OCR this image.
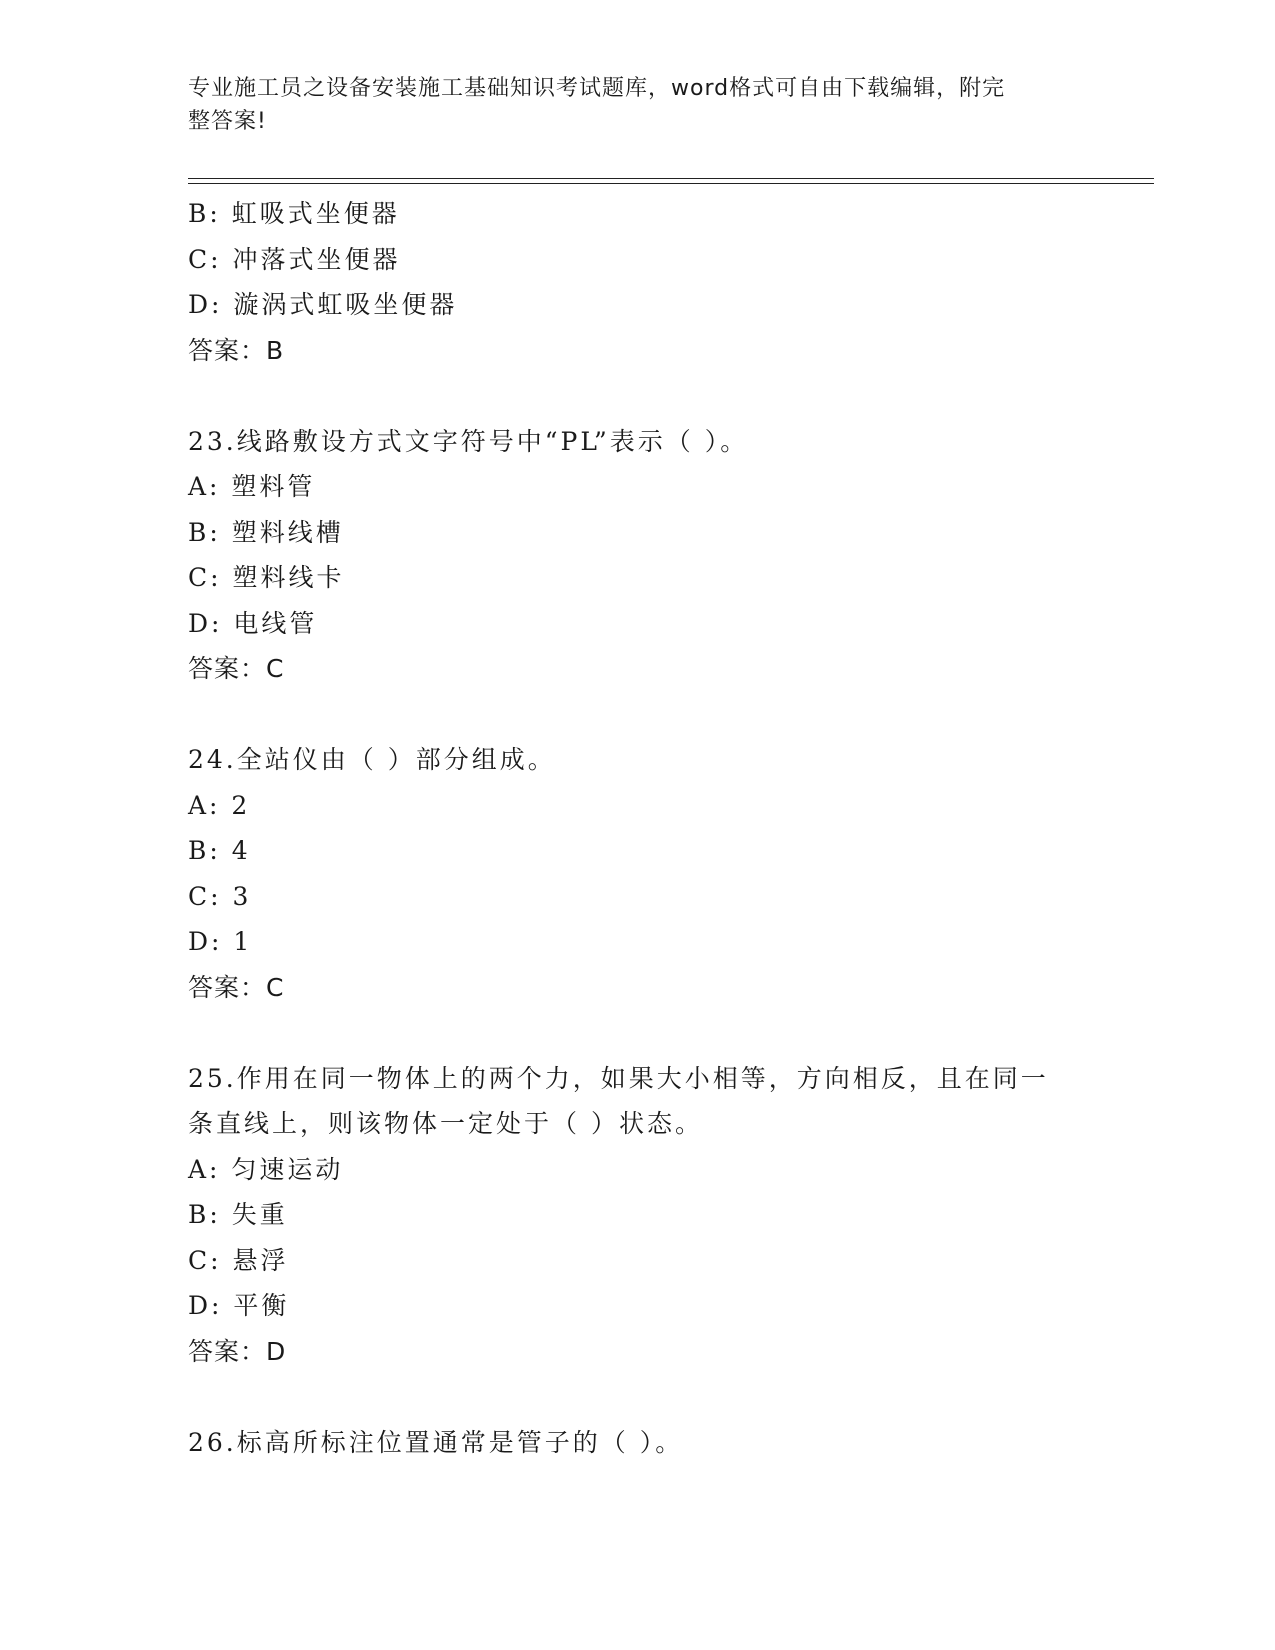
专业施工员之设备安装施工基础知识考试题库，word格式可自由下载编辑，附完
整答案!
B: 虹吸式坐便器
C: 冲落式坐便器
D: 漩涡式虹吸坐便器
答案：B
23.线路敷设方式文字符号中“PL”表示（ ）。
A: 塑料管
B: 塑料线槽
C: 塑料线卡
D: 电线管
答案：C
24.全站仪由（ ）部分组成。
A: 2
B: 4
C: 3
D: 1
答案：C
25.作用在同一物体上的两个力，如果大小相等，方向相反，且在同一
条直线上，则该物体一定处于（ ）状态。
A: 匀速运动
B: 失重
C: 悬浮
D: 平衡
答案：D
26.标高所标注位置通常是管子的（ ）。
